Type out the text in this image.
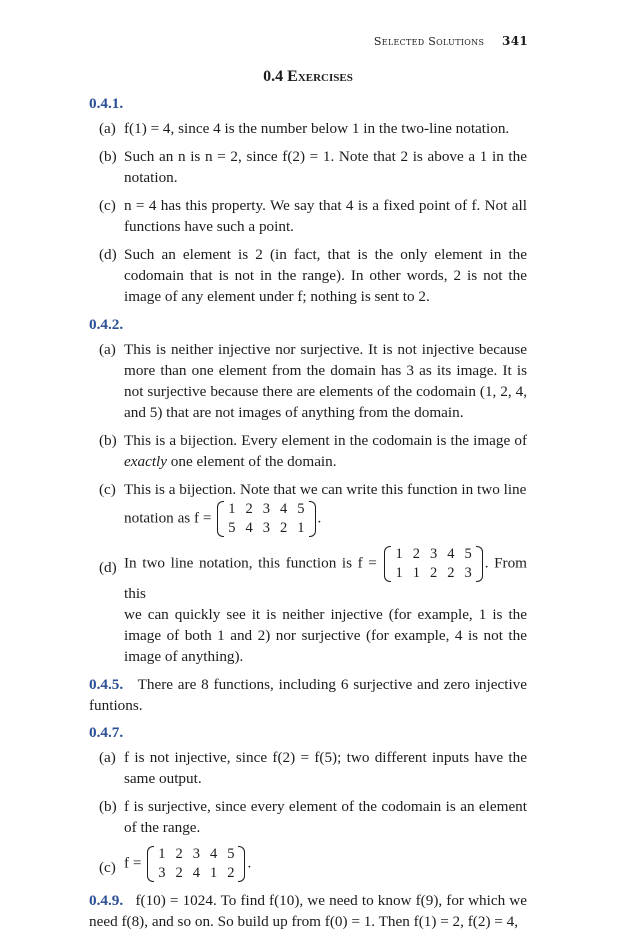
Selected Solutions 341
0.4 Exercises
0.4.1.
(a) f(1) = 4, since 4 is the number below 1 in the two-line notation.
(b) Such an n is n = 2, since f(2) = 1. Note that 2 is above a 1 in the notation.
(c) n = 4 has this property. We say that 4 is a fixed point of f. Not all functions have such a point.
(d) Such an element is 2 (in fact, that is the only element in the codomain that is not in the range). In other words, 2 is not the image of any element under f; nothing is sent to 2.
0.4.2.
(a) This is neither injective nor surjective. It is not injective because more than one element from the domain has 3 as its image. It is not surjective because there are elements of the codomain (1, 2, 4, and 5) that are not images of anything from the domain.
(b) This is a bijection. Every element in the codomain is the image of exactly one element of the domain.
(c) This is a bijection. Note that we can write this function in two line
notation as f =
1	2	3	4	5
5	4	3	2	1
.
(d) In two line notation, this function is f =
1	2	3	4	5
1	1	2	2	3
. From this
we can quickly see it is neither injective (for example, 1 is the image of both 1 and 2) nor surjective (for example, 4 is not the image of anything).

0.4.5. There are 8 functions, including 6 surjective and zero injective funtions.

0.4.7.
(a) f is not injective, since f(2) = f(5); two different inputs have the same output.
(b) f is surjective, since every element of the codomain is an element of the range.
(c) f =
1	2	3	4	5
3	2	4	1	2
.

0.4.9. f(10) = 1024. To find f(10), we need to know f(9), for which we need f(8), and so on. So build up from f(0) = 1. Then f(1) = 2, f(2) = 4,
